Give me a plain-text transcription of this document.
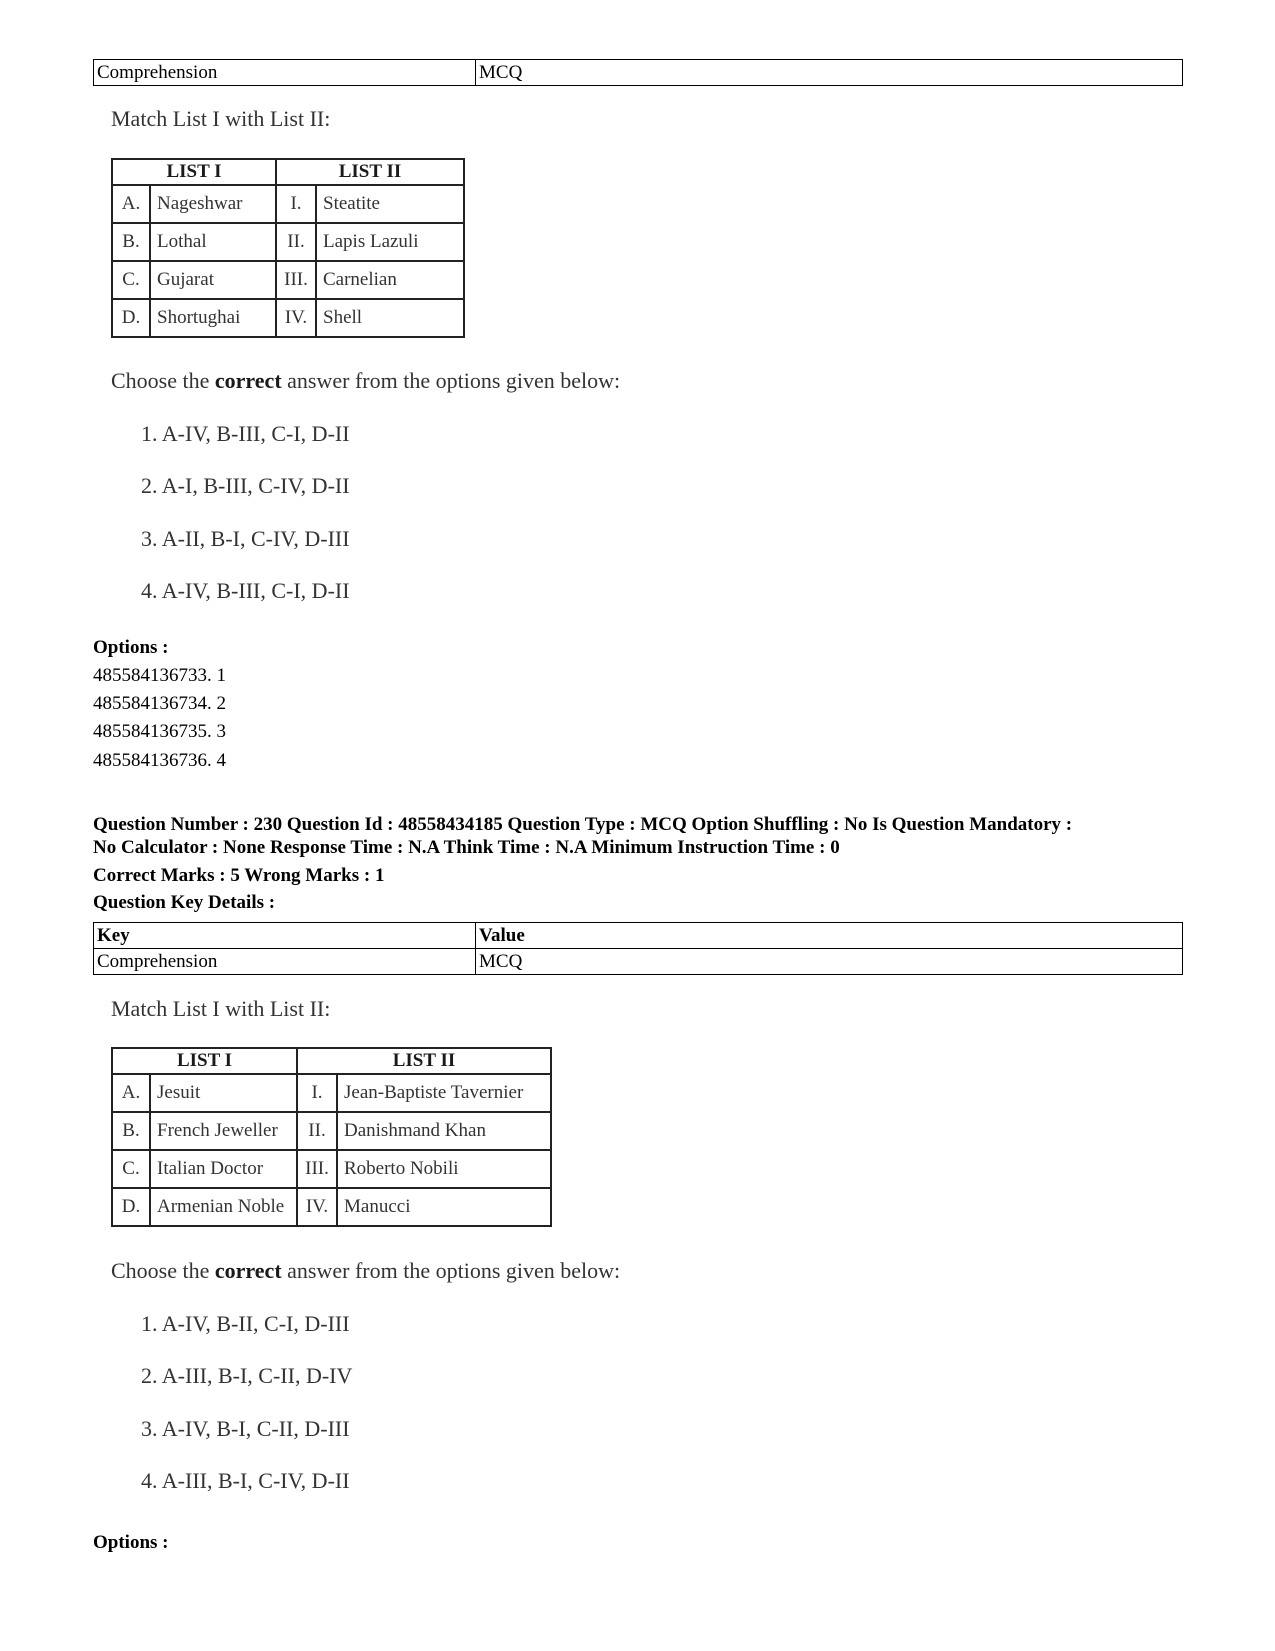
Comprehension	MCQ
Match List I with List II:
LIST I		LIST II	
A.	Nageshwar	I.	Steatite
B.	Lothal	II.	Lapis Lazuli
C.	Gujarat	III.	Carnelian
D.	Shortughai	IV.	Shell
Choose the correct answer from the options given below:
1. A-IV, B-III, C-I, D-II
2. A-I, B-III, C-IV, D-II
3. A-II, B-I, C-IV, D-III
4. A-IV, B-III, C-I, D-II
Options :
485584136733. 1
485584136734. 2
485584136735. 3
485584136736. 4
Question Number : 230 Question Id : 48558434185 Question Type : MCQ Option Shuffling : No Is Question Mandatory :
No Calculator : None Response Time : N.A Think Time : N.A Minimum Instruction Time : 0
Correct Marks : 5 Wrong Marks : 1
Question Key Details :
Key	Value
Comprehension	MCQ
Match List I with List II:
LIST I		LIST II	
A.	Jesuit	I.	Jean-Baptiste Tavernier
B.	French Jeweller	II.	Danishmand Khan
C.	Italian Doctor	III.	Roberto Nobili
D.	Armenian Noble	IV.	Manucci
Choose the correct answer from the options given below:
1. A-IV, B-II, C-I, D-III
2. A-III, B-I, C-II, D-IV
3. A-IV, B-I, C-II, D-III
4. A-III, B-I, C-IV, D-II
Options :
